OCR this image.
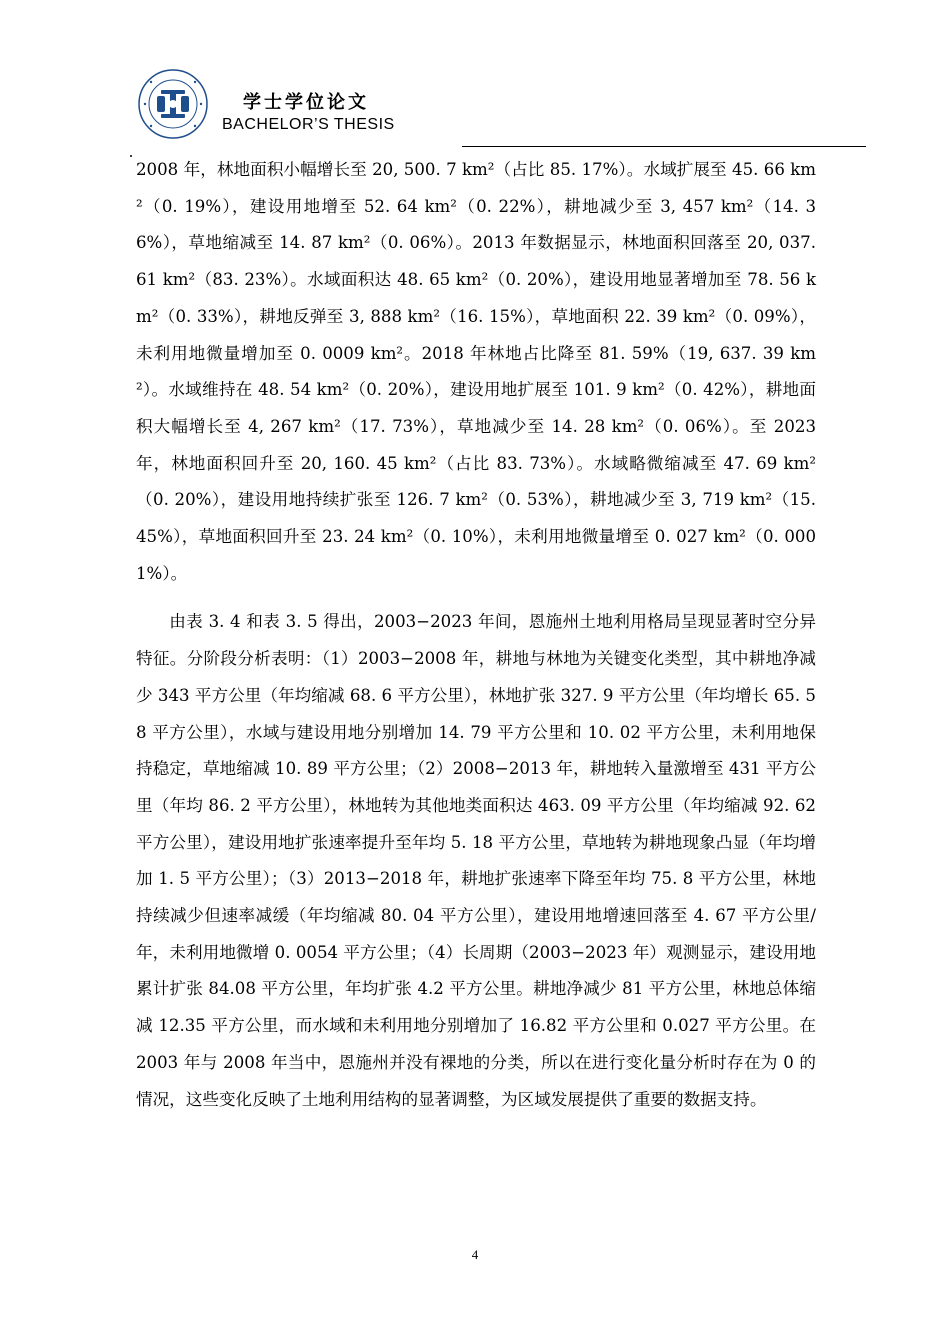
学士学位论文
BACHELOR’S THESIS

2008 年，林地面积小幅增长至 20, 500. 7 km²（占比 85. 17%）。水域扩展至 45. 66 km²（0. 19%），建设用地增至 52. 64 km²（0. 22%），耕地减少至 3, 457 km²（14. 36%），草地缩减至 14. 87 km²（0. 06%）。2013 年数据显示，林地面积回落至 20, 037. 61 km²（83. 23%）。水域面积达 48. 65 km²（0. 20%），建设用地显著增加至 78. 56 km²（0. 33%），耕地反弹至 3, 888 km²（16. 15%），草地面积 22. 39 km²（0. 09%），未利用地微量增加至 0. 0009 km²。2018 年林地占比降至 81. 59%（19, 637. 39 km²）。水域维持在 48. 54 km²（0. 20%），建设用地扩展至 101. 9 km²（0. 42%），耕地面积大幅增长至 4, 267 km²（17. 73%），草地减少至 14. 28 km²（0. 06%）。至 2023 年，林地面积回升至 20, 160. 45 km²（占比 83. 73%）。水域略微缩减至 47. 69 km²（0. 20%），建设用地持续扩张至 126. 7 km²（0. 53%），耕地减少至 3, 719 km²（15. 45%），草地面积回升至 23. 24 km²（0. 10%），未利用地微量增至 0. 027 km²（0. 0001%）。

由表 3. 4 和表 3. 5 得出，2003−2023 年间，恩施州土地利用格局呈现显著时空分异特征。分阶段分析表明：（1）2003−2008 年，耕地与林地为关键变化类型，其中耕地净减少 343 平方公里（年均缩减 68. 6 平方公里），林地扩张 327. 9 平方公里（年均增长 65. 58 平方公里），水域与建设用地分别增加 14. 79 平方公里和 10. 02 平方公里，未利用地保持稳定，草地缩减 10. 89 平方公里；（2）2008−2013 年，耕地转入量激增至 431 平方公里（年均 86. 2 平方公里），林地转为其他地类面积达 463. 09 平方公里（年均缩减 92. 62 平方公里），建设用地扩张速率提升至年均 5. 18 平方公里，草地转为耕地现象凸显（年均增加 1. 5 平方公里）；（3）2013−2018 年，耕地扩张速率下降至年均 75. 8 平方公里，林地持续减少但速率减缓（年均缩减 80. 04 平方公里），建设用地增速回落至 4. 67 平方公里/年，未利用地微增 0. 0054 平方公里；（4）长周期（2003−2023 年）观测显示，建设用地累计扩张 84.08 平方公里，年均扩张 4.2 平方公里。耕地净减少 81 平方公里，林地总体缩减 12.35 平方公里，而水域和未利用地分别增加了 16.82 平方公里和 0.027 平方公里。在 2003 年与 2008 年当中，恩施州并没有裸地的分类，所以在进行变化量分析时存在为 0 的情况，这些变化反映了土地利用结构的显著调整，为区域发展提供了重要的数据支持。

4
